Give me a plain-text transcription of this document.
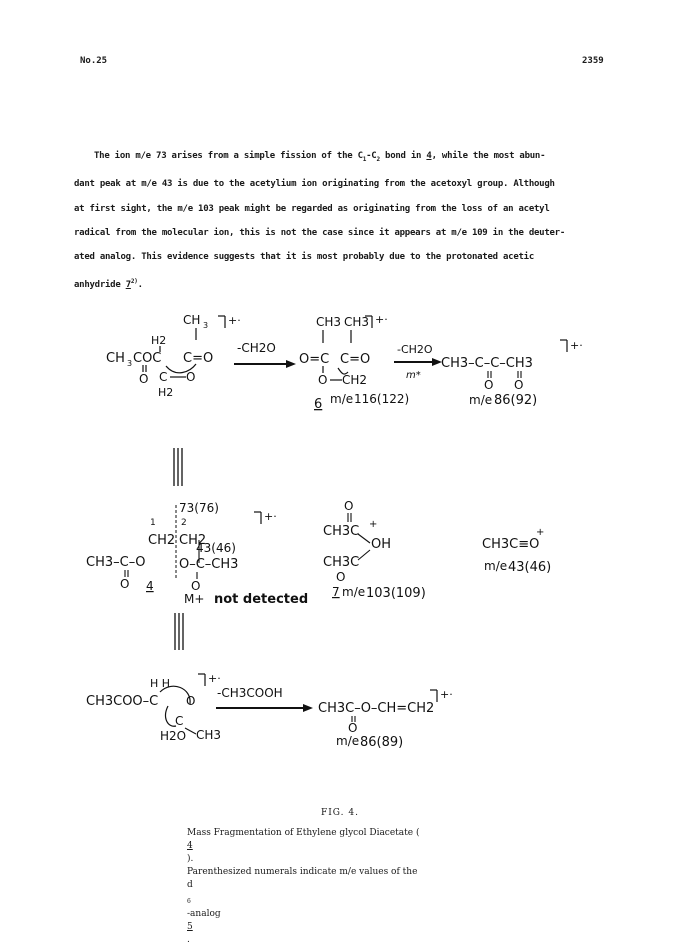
No.25	2359
The ion m/e 73 arises from a simple fission of the $C_1-C_2$ bond in 4, while the most abun-
dant peak at m/e 43 is due to the acetylium ion originating from the acetoxyl group. Although
at first sight, the m/e 103 peak might be regarded as originating from the loss of an acetyl
radical from the molecular ion, this is not the case since it appears at m/e 109 in the deuter-
ated analog. This evidence suggests that it is most probably due to the protonated acetic
anhydride 7$^{2)}$.
CH 3
H2
CH 3 COC C=O
O C O
H2
+·
-CH2O
CH3 CH3
O=C C=O
O CH2
+·
6 m/e 116(122)
-CH2O
m*
CH3–C–C–CH3
O O
+·
m/e 86(92)
73(76)
1	2
CH2 CH2
43(46)
CH3–C–O	O–C–CH3
O	O
4
M+ not detected
+·
O
CH3C +
OH
CH3C
O
7 m/e 103(109)
CH3C≡O
+
m/e 43(46)
H H
CH3COO–C O
C
H2O CH3
+·
-CH3COOH
CH3C–O–CH=CH2
O
+·
m/e 86(89)
FIG. 4.
Mass Fragmentation of Ethylene glycol Diacetate (
4
).
Parenthesized numerals indicate m/e values of the
d
$_6$
-analog
5
.
